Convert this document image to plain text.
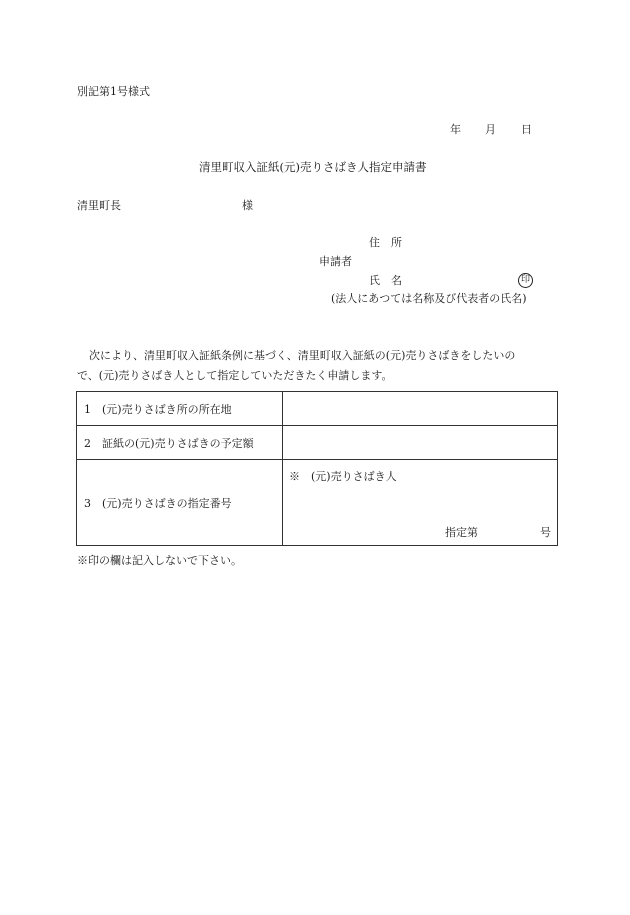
別記第1号様式
年 月 日
清里町収入証紙(元)売りさばき人指定申請書
清里町長	様
住　所
申請者
氏　名	印
(法人にあつては名称及び代表者の氏名)
次により、清里町収入証紙条例に基づく、清里町収入証紙の(元)売りさばきをしたいの
で、(元)売りさばき人として指定していただきたく申請します。
1　(元)売りさばき所の所在地	
2　証紙の(元)売りさばきの予定額	
3　(元)売りさばきの指定番号	※　(元)売りさばき人
指定第 号
※印の欄は記入しないで下さい。
